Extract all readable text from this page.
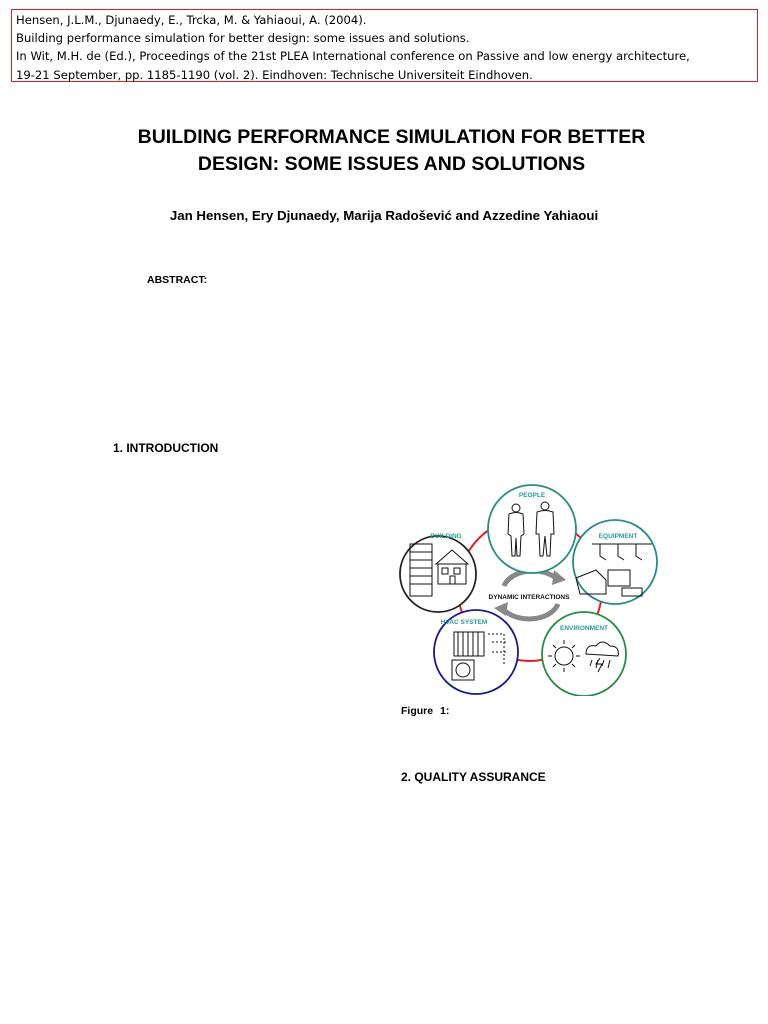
Hensen, J.L.M., Djunaedy, E., Trcka, M. & Yahiaoui, A. (2004).
Building performance simulation for better design: some issues and solutions.
In Wit, M.H. de (Ed.), Proceedings of the 21st PLEA International conference on Passive and low energy architecture,
19-21 September, pp. 1185-1190 (vol. 2). Eindhoven: Technische Universiteit Eindhoven.
BUILDING PERFORMANCE SIMULATION FOR BETTER
DESIGN: SOME ISSUES AND SOLUTIONS
Jan Hensen, Ery Djunaedy, Marija Radošević and Azzedine Yahiaoui
ABSTRACT:
1. INTRODUCTION
DYNAMIC INTERACTIONS
PEOPLE
BUILDING	EQUIPMENT
HVAC SYSTEM
ENVIRONMENT
Figure 1:
2. QUALITY ASSURANCE
